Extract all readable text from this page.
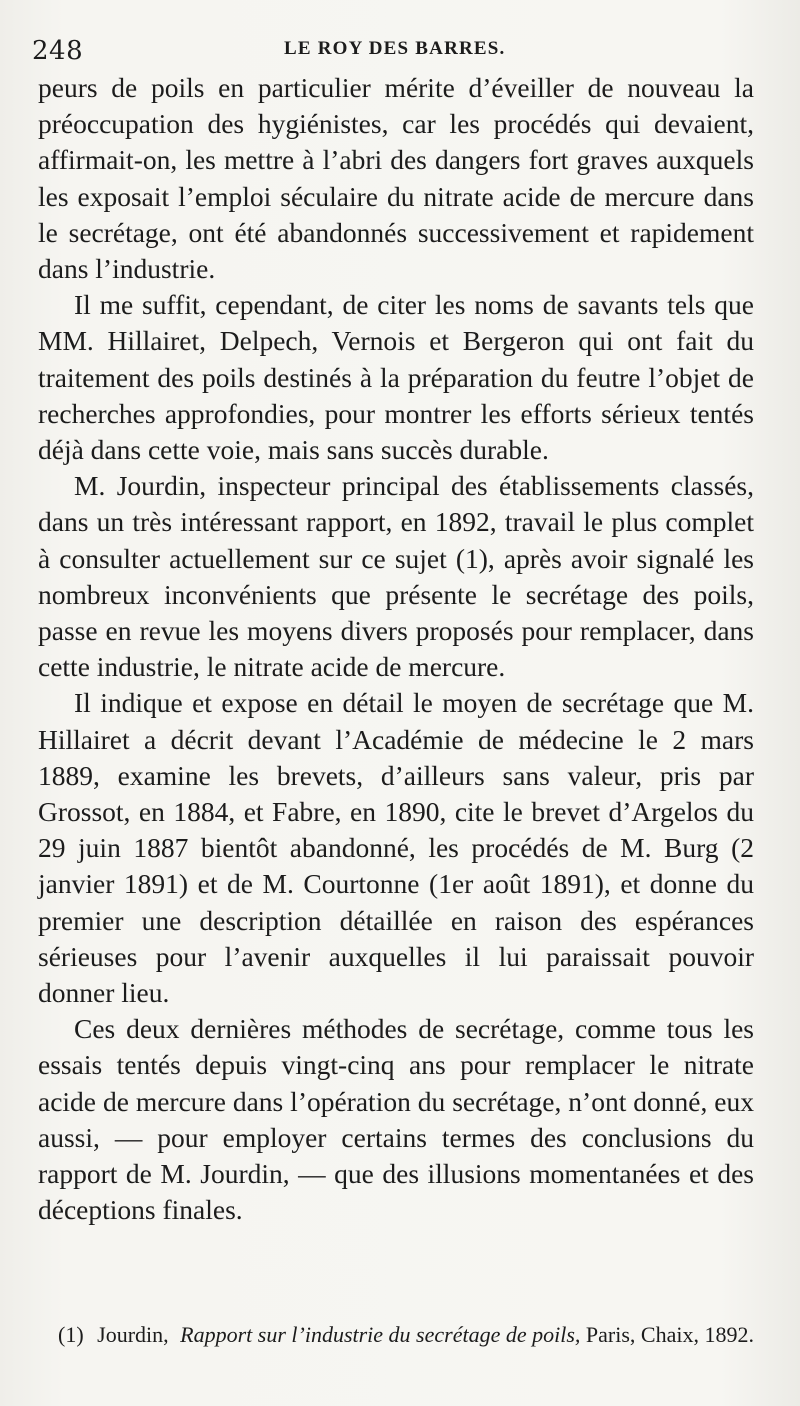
248	LE ROY DES BARRES.

peurs de poils en particulier mérite d’éveiller de nouveau la préoccupation des hygiénistes, car les procédés qui devaient, affirmait-on, les mettre à l’abri des dangers fort graves auxquels les exposait l’emploi séculaire du nitrate acide de mercure dans le secrétage, ont été abandonnés successivement et rapidement dans l’industrie.

Il me suffit, cependant, de citer les noms de savants tels que MM. Hillairet, Delpech, Vernois et Bergeron qui ont fait du traitement des poils destinés à la préparation du feutre l’objet de recherches approfondies, pour montrer les efforts sérieux tentés déjà dans cette voie, mais sans succès durable.

M. Jourdin, inspecteur principal des établissements classés, dans un très intéressant rapport, en 1892, travail le plus complet à consulter actuellement sur ce sujet (1), après avoir signalé les nombreux inconvénients que présente le secrétage des poils, passe en revue les moyens divers proposés pour remplacer, dans cette industrie, le nitrate acide de mercure.

Il indique et expose en détail le moyen de secrétage que M. Hillairet a décrit devant l’Académie de médecine le 2 mars 1889, examine les brevets, d’ailleurs sans valeur, pris par Grossot, en 1884, et Fabre, en 1890, cite le brevet d’Argelos du 29 juin 1887 bientôt abandonné, les procédés de M. Burg (2 janvier 1891) et de M. Courtonne (1er août 1891), et donne du premier une description détaillée en raison des espérances sérieuses pour l’avenir auxquelles il lui paraissait pouvoir donner lieu.

Ces deux dernières méthodes de secrétage, comme tous les essais tentés depuis vingt-cinq ans pour remplacer le nitrate acide de mercure dans l’opération du secrétage, n’ont donné, eux aussi, — pour employer certains termes des conclusions du rapport de M. Jourdin, — que des illusions momentanées et des déceptions finales.

(1) Jourdin, Rapport sur l’industrie du secrétage de poils, Paris, Chaix, 1892.
